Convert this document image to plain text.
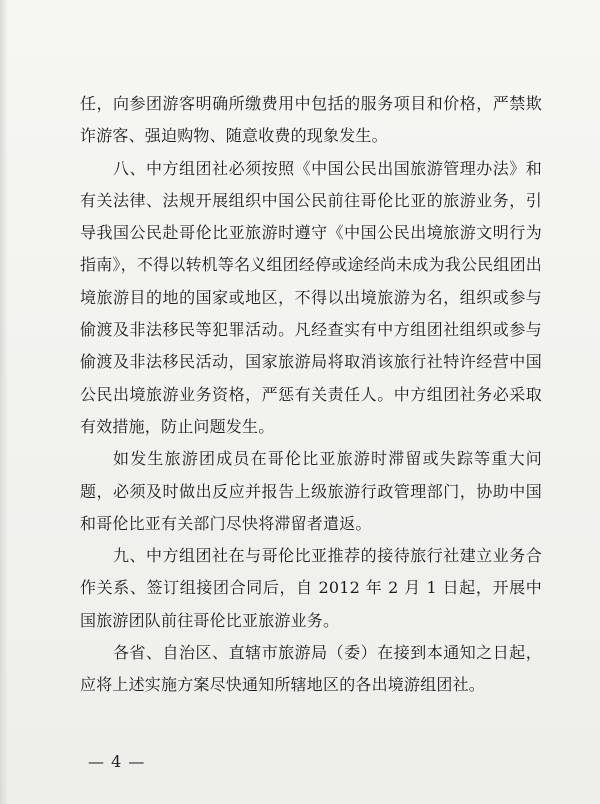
任，向参团游客明确所缴费用中包括的服务项目和价格，严禁欺诈游客、强迫购物、随意收费的现象发生。

八、中方组团社必须按照《中国公民出国旅游管理办法》和有关法律、法规开展组织中国公民前往哥伦比亚的旅游业务，引导我国公民赴哥伦比亚旅游时遵守《中国公民出境旅游文明行为指南》，不得以转机等名义组团经停或途经尚未成为我公民组团出境旅游目的地的国家或地区，不得以出境旅游为名，组织或参与偷渡及非法移民等犯罪活动。凡经查实有中方组团社组织或参与偷渡及非法移民活动，国家旅游局将取消该旅行社特许经营中国公民出境旅游业务资格，严惩有关责任人。中方组团社务必采取有效措施，防止问题发生。

如发生旅游团成员在哥伦比亚旅游时滞留或失踪等重大问题，必须及时做出反应并报告上级旅游行政管理部门，协助中国和哥伦比亚有关部门尽快将滞留者遣返。

九、中方组团社在与哥伦比亚推荐的接待旅行社建立业务合作关系、签订组接团合同后，自 2012 年 2 月 1 日起，开展中国旅游团队前往哥伦比亚旅游业务。

各省、自治区、直辖市旅游局（委）在接到本通知之日起，应将上述实施方案尽快通知所辖地区的各出境游组团社。

— 4 —
